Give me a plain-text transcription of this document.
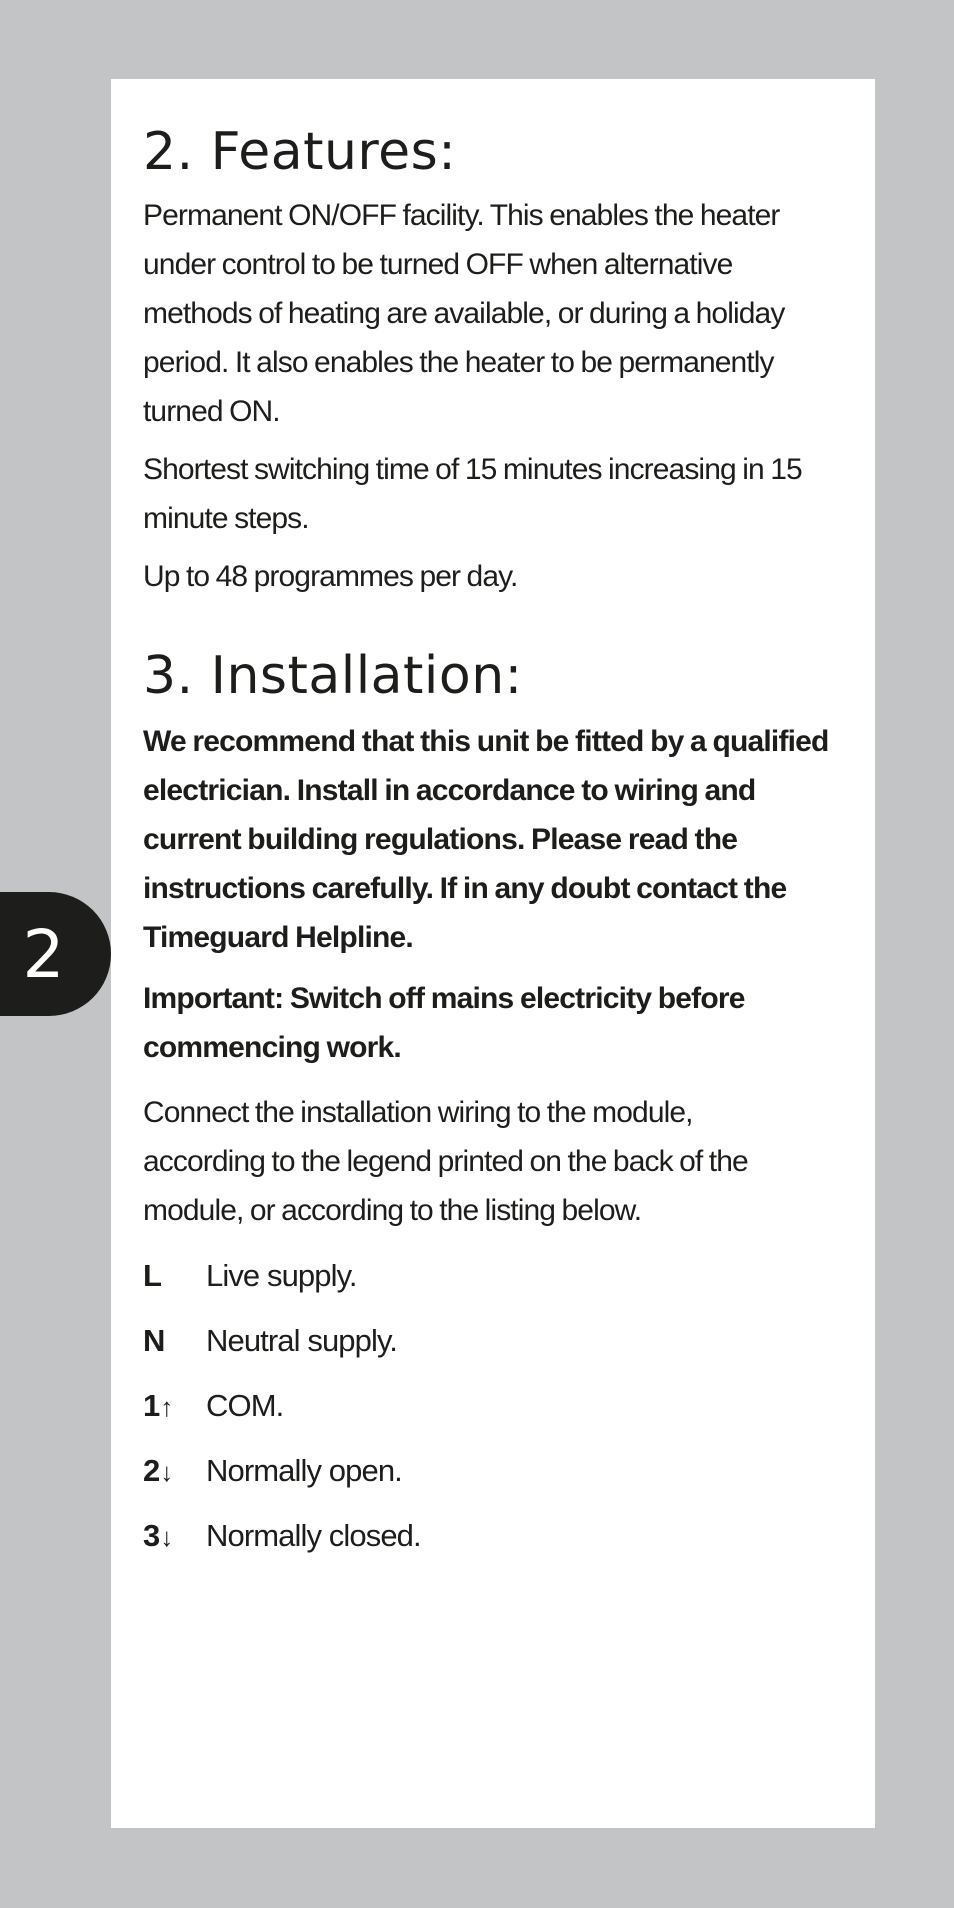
2. Features:

Permanent ON/OFF facility. This enables the heater under control to be turned OFF when alternative methods of heating are available, or during a holiday period. It also enables the heater to be permanently turned ON.

Shortest switching time of 15 minutes increasing in 15 minute steps.

Up to 48 programmes per day.

3. Installation:

We recommend that this unit be fitted by a qualified electrician. Install in accordance to wiring and current building regulations. Please read the instructions carefully. If in any doubt contact the Timeguard Helpline.

Important: Switch off mains electricity before commencing work.

Connect the installation wiring to the module, according to the legend printed on the back of the module, or according to the listing below.

L	Live supply.
N	Neutral supply.
1↑	COM.
2↓	Normally open.
3↓	Normally closed.
2
